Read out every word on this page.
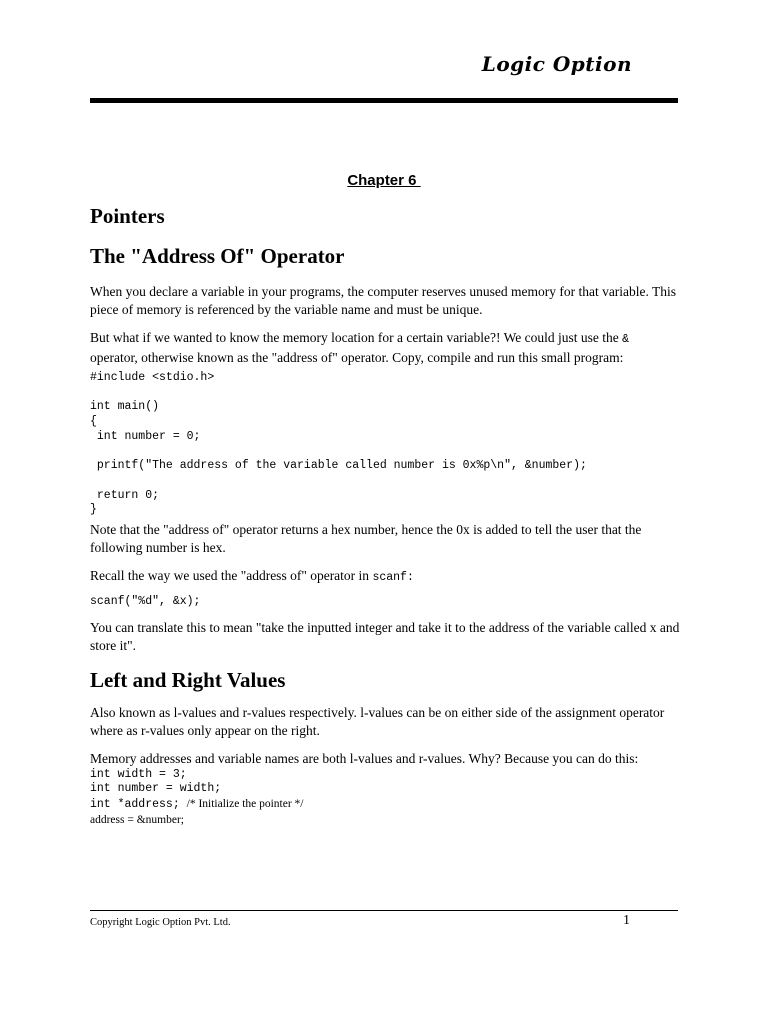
Logic Option
Chapter 6
Pointers
The "Address Of" Operator

When you declare a variable in your programs, the computer reserves unused memory for that variable. This piece of memory is referenced by the variable name and must be unique.

But what if we wanted to know the memory location for a certain variable?! We could just use the & operator, otherwise known as the "address of" operator. Copy, compile and run this small program:

#include <stdio.h>

int main()
{
int number = 0;

printf("The address of the variable called number is 0x%p\n", &number);

return 0;
}

Note that the "address of" operator returns a hex number, hence the 0x is added to tell the user that the following number is hex.

Recall the way we used the "address of" operator in scanf:

scanf("%d", &x);

You can translate this to mean "take the inputted integer and take it to the address of the variable called x and store it".

Left and Right Values

Also known as l-values and r-values respectively. l-values can be on either side of the assignment operator where as r-values only appear on the right.

Memory addresses and variable names are both l-values and r-values. Why? Because you can do this:

int width = 3;
int number = width;
int *address; /* Initialize the pointer */
address = &number;
Copyright Logic Option Pvt. Ltd.	1
